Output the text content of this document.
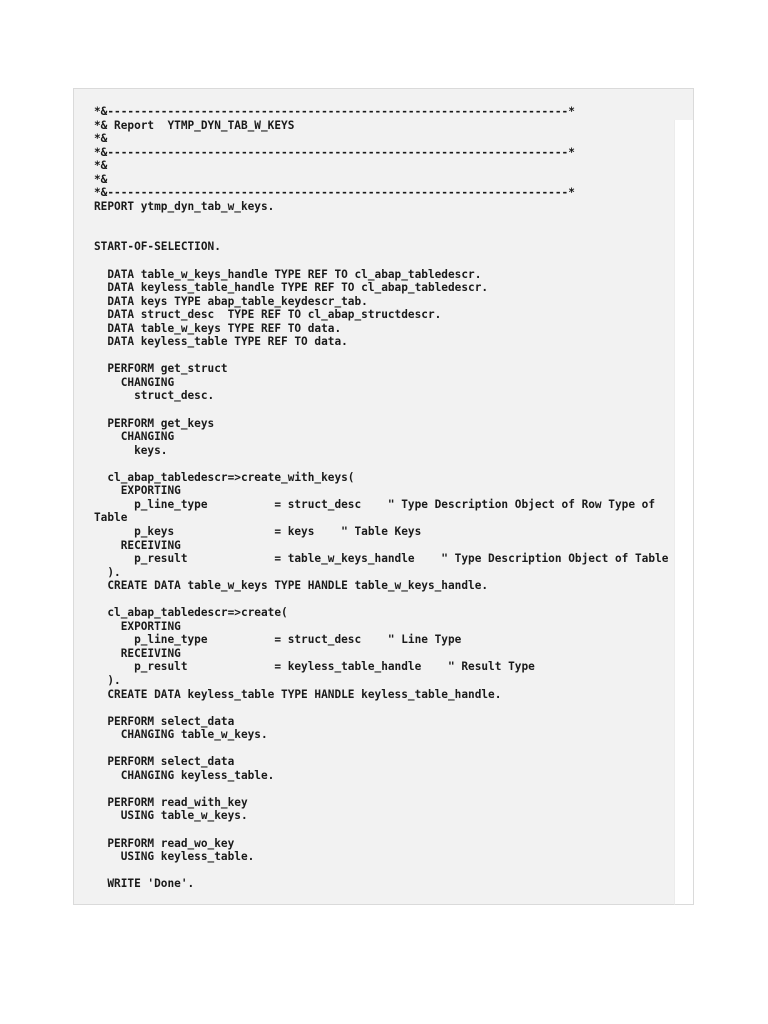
*&---------------------------------------------------------------------*
*& Report  YTMP_DYN_TAB_W_KEYS
*&
*&---------------------------------------------------------------------*
*&
*&
*&---------------------------------------------------------------------*
REPORT ytmp_dyn_tab_w_keys.

START-OF-SELECTION.

DATA table_w_keys_handle TYPE REF TO cl_abap_tabledescr.
DATA keyless_table_handle TYPE REF TO cl_abap_tabledescr.
DATA keys TYPE abap_table_keydescr_tab.
DATA struct_desc  TYPE REF TO cl_abap_structdescr.
DATA table_w_keys TYPE REF TO data.
DATA keyless_table TYPE REF TO data.

PERFORM get_struct
CHANGING
struct_desc.

PERFORM get_keys
CHANGING
keys.

cl_abap_tabledescr=>create_with_keys(
EXPORTING
p_line_type          = struct_desc    " Type Description Object of Row Type of
Table
p_keys               = keys    " Table Keys
RECEIVING
p_result             = table_w_keys_handle    " Type Description Object of Table
).
CREATE DATA table_w_keys TYPE HANDLE table_w_keys_handle.

cl_abap_tabledescr=>create(
EXPORTING
p_line_type          = struct_desc    " Line Type
RECEIVING
p_result             = keyless_table_handle    " Result Type
).
CREATE DATA keyless_table TYPE HANDLE keyless_table_handle.

PERFORM select_data
CHANGING table_w_keys.

PERFORM select_data
CHANGING keyless_table.

PERFORM read_with_key
USING table_w_keys.

PERFORM read_wo_key
USING keyless_table.

WRITE 'Done'.
